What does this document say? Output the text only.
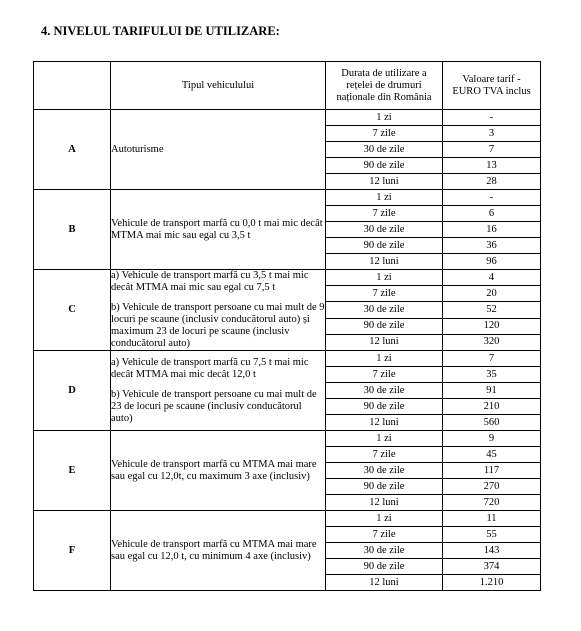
4. NIVELUL TARIFULUI DE UTILIZARE:
	Tipul vehiculului	Durata de utilizare a rețelei de drumuri naționale din România	Valoare tarif - EURO TVA inclus
A	Autoturisme	1 zi	-
		7 zile	3
		30 de zile	7
		90 de zile	13
		12 luni	28
B	Vehicule de transport marfă cu 0,0 t mai mic decât MTMA mai mic sau egal cu 3,5 t	1 zi	-
		7 zile	6
		30 de zile	16
		90 de zile	36
		12 luni	96
C	a) Vehicule de transport marfă cu 3,5 t mai mic decât MTMA mai mic sau egal cu 7,5 t
b) Vehicule de transport persoane cu mai mult de 9 locuri pe scaune (inclusiv conducătorul auto) și maximum 23 de locuri pe scaune (inclusiv conducătorul auto)	1 zi	4
		7 zile	20
		30 de zile	52
		90 de zile	120
		12 luni	320
D	a) Vehicule de transport marfă cu 7,5 t mai mic decât MTMA mai mic decât 12,0 t
b) Vehicule de transport persoane cu mai mult de 23 de locuri pe scaune (inclusiv conducătorul auto)	1 zi	7
		7 zile	35
		30 de zile	91
		90 de zile	210
		12 luni	560
E	Vehicule de transport marfă cu MTMA mai mare sau egal cu 12,0t, cu maximum 3 axe (inclusiv)	1 zi	9
		7 zile	45
		30 de zile	117
		90 de zile	270
		12 luni	720
F	Vehicule de transport marfă cu MTMA mai mare sau egal cu 12,0 t, cu minimum 4 axe (inclusiv)	1 zi	11
		7 zile	55
		30 de zile	143
		90 de zile	374
		12 luni	1.210
